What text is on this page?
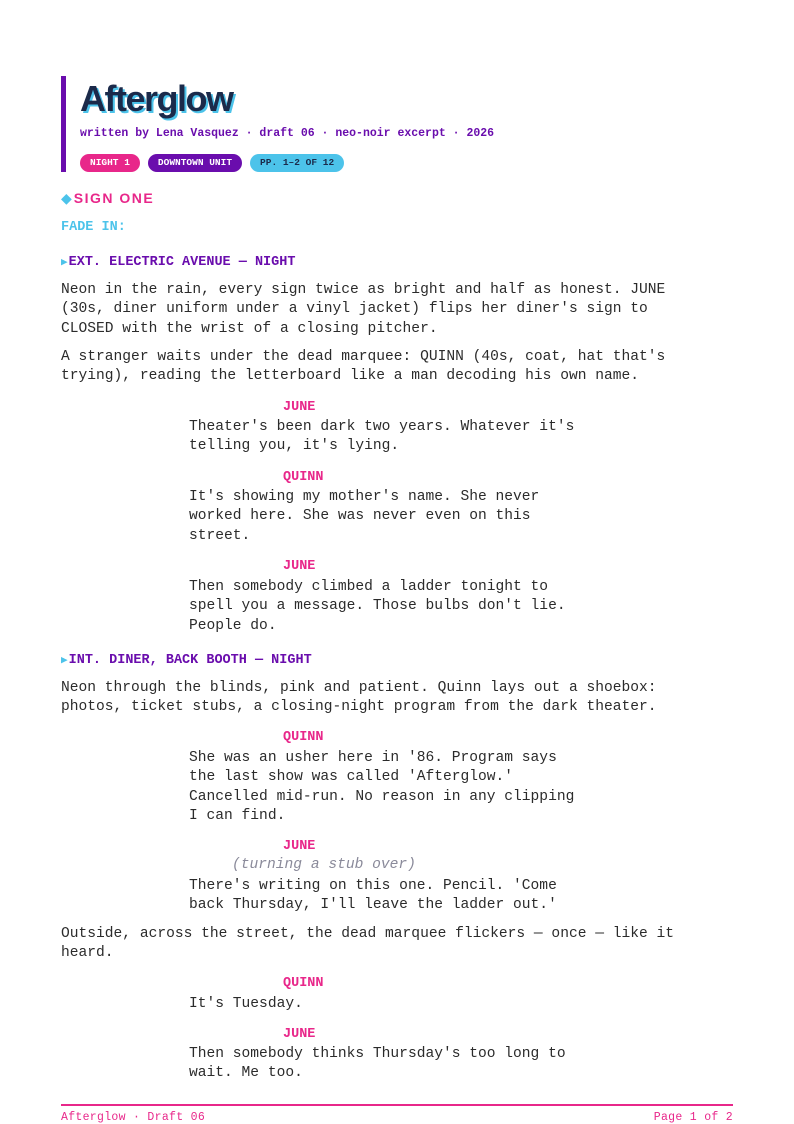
Afterglow
written by Lena Vasquez · draft 06 · neo-noir excerpt · 2026
NIGHT 1	DOWNTOWN UNIT	PP. 1–2 OF 12
◆ SIGN ONE
FADE IN:
▶EXT. ELECTRIC AVENUE — NIGHT

Neon in the rain, every sign twice as bright and half as honest. JUNE
(30s, diner uniform under a vinyl jacket) flips her diner's sign to
CLOSED with the wrist of a closing pitcher.

A stranger waits under the dead marquee: QUINN (40s, coat, hat that's
trying), reading the letterboard like a man decoding his own name.

JUNE

Theater's been dark two years. Whatever it's
telling you, it's lying.

QUINN

It's showing my mother's name. She never
worked here. She was never even on this
street.

JUNE

Then somebody climbed a ladder tonight to
spell you a message. Those bulbs don't lie.
People do.

▶INT. DINER, BACK BOOTH — NIGHT

Neon through the blinds, pink and patient. Quinn lays out a shoebox:
photos, ticket stubs, a closing-night program from the dark theater.

QUINN

She was an usher here in '86. Program says
the last show was called 'Afterglow.'
Cancelled mid-run. No reason in any clipping
I can find.

JUNE
(turning a stub over)

There's writing on this one. Pencil. 'Come
back Thursday, I'll leave the ladder out.'

Outside, across the street, the dead marquee flickers — once — like it
heard.

QUINN

It's Tuesday.

JUNE

Then somebody thinks Thursday's too long to
wait. Me too.

Afterglow · Draft 06	Page 1 of 2
